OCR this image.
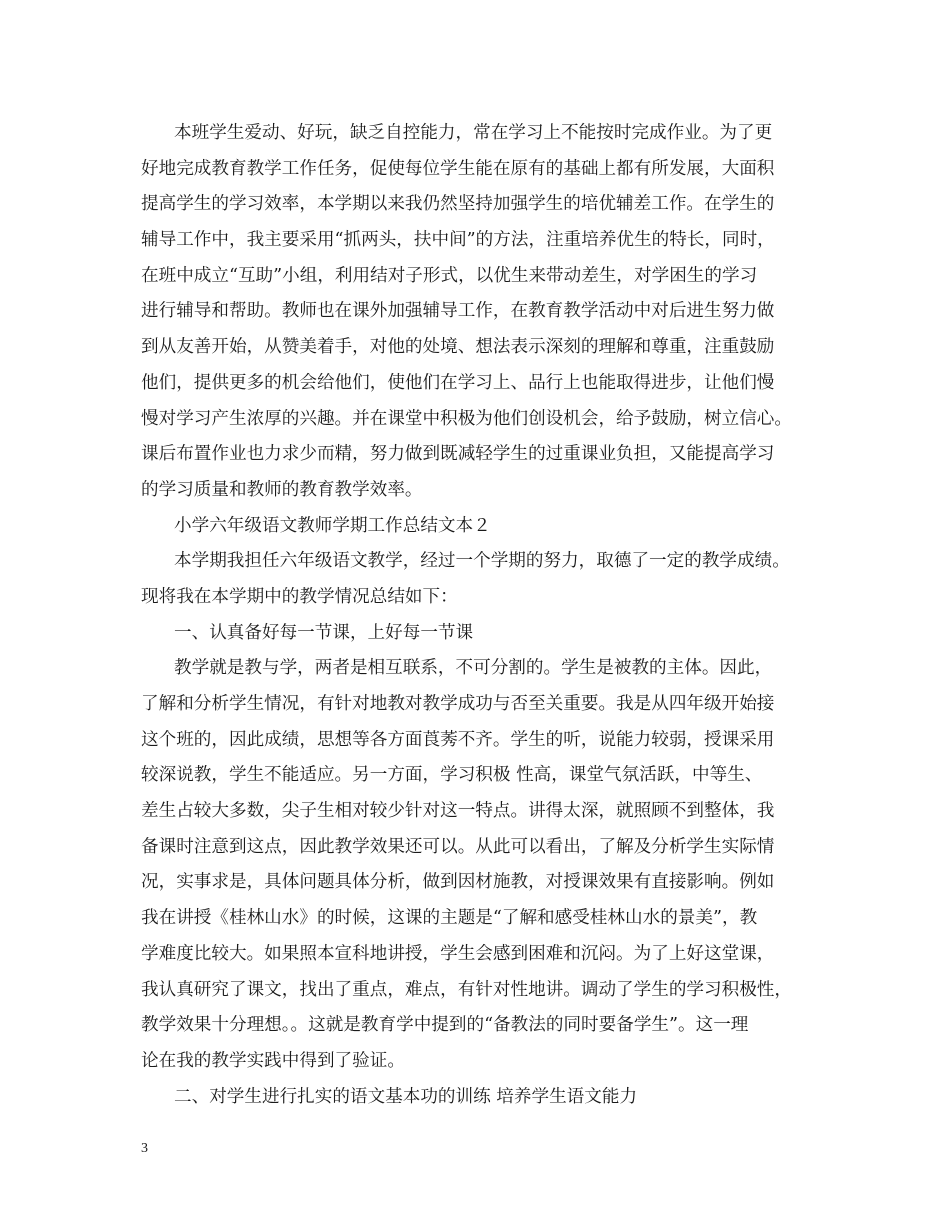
本班学生爱动、好玩，缺乏自控能力，常在学习上不能按时完成作业。为了更
好地完成教育教学工作任务，促使每位学生能在原有的基础上都有所发展，大面积
提高学生的学习效率，本学期以来我仍然坚持加强学生的培优辅差工作。在学生的
辅导工作中，我主要采用“抓两头，扶中间”的方法，注重培养优生的特长，同时，
在班中成立“互助”小组，利用结对子形式，以优生来带动差生，对学困生的学习
进行辅导和帮助。教师也在课外加强辅导工作，在教育教学活动中对后进生努力做
到从友善开始，从赞美着手，对他的处境、想法表示深刻的理解和尊重，注重鼓励
他们，提供更多的机会给他们，使他们在学习上、品行上也能取得进步，让他们慢
慢对学习产生浓厚的兴趣。并在课堂中积极为他们创设机会，给予鼓励，树立信心。
课后布置作业也力求少而精，努力做到既减轻学生的过重课业负担，又能提高学习
的学习质量和教师的教育教学效率。
小学六年级语文教师学期工作总结文本２
本学期我担任六年级语文教学，经过一个学期的努力，取德了一定的教学成绩。
现将我在本学期中的教学情况总结如下：
一、认真备好每一节课，上好每一节课
教学就是教与学，两者是相互联系，不可分割的。学生是被教的主体。因此，
了解和分析学生情况，有针对地教对教学成功与否至关重要。我是从四年级开始接
这个班的，因此成绩，思想等各方面莨莠不齐。学生的听，说能力较弱，授课采用
较深说教，学生不能适应。另一方面，学习积极 性高，课堂气氛活跃，中等生、
差生占较大多数，尖子生相对较少针对这一特点。讲得太深，就照顾不到整体，我
备课时注意到这点，因此教学效果还可以。从此可以看出，了解及分析学生实际情
况，实事求是，具体问题具体分析，做到因材施教，对授课效果有直接影响。例如
我在讲授《桂林山水》的时候，这课的主题是“了解和感受桂林山水的景美”，教
学难度比较大。如果照本宣科地讲授，学生会感到困难和沉闷。为了上好这堂课，
我认真研究了课文，找出了重点，难点，有针对性地讲。调动了学生的学习积极性，
教学效果十分理想。。这就是教育学中提到的“备教法的同时要备学生”。这一理
论在我的教学实践中得到了验证。
二、对学生进行扎实的语文基本功的训练 培养学生语文能力
3
